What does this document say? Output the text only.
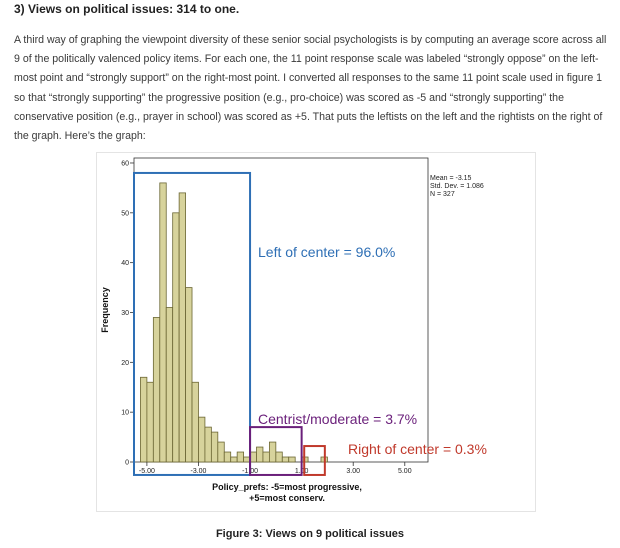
3) Views on political issues: 314 to one.

A third way of graphing the viewpoint diversity of these senior social psychologists is by computing an average score across all 9 of the politically valenced policy items. For each one, the 11 point response scale was labeled “strongly oppose” on the left-most point and “strongly support” on the right-most point. I converted all responses to the same 11 point scale used in figure 1 so that “strongly supporting” the progressive position (e.g., pro-choice) was scored as -5 and “strongly supporting” the conservative position (e.g., prayer in school) was scored as +5. That puts the leftists on the left and the rightists on the right of the graph. Here’s the graph:

0
10
20
30
40
50
60
-5.00	-3.00	-1.00	1.00	3.00	5.00
Frequency
Policy_prefs: -5=most progressive,
+5=most conserv.
Mean = -3.15
Std. Dev. = 1.086
N = 327
Left of center = 96.0%
Centrist/moderate = 3.7%
Right of center = 0.3%

Figure 3: Views on 9 political issues
